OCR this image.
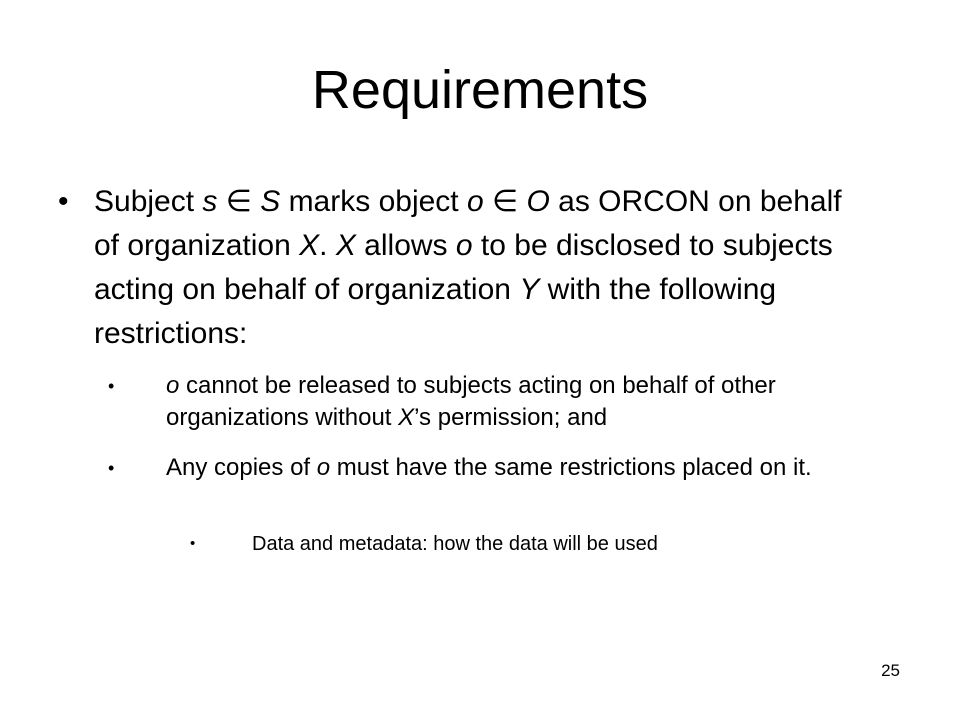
Requirements
• Subject s ∈ S marks object o ∈ O as ORCON on behalf of organization X. X allows o to be disclosed to subjects acting on behalf of organization Y with the following restrictions:
•	o cannot be released to subjects acting on behalf of other organizations without X’s permission; and
•	Any copies of o must have the same restrictions placed on it.
•	Data and metadata: how the data will be used
25
